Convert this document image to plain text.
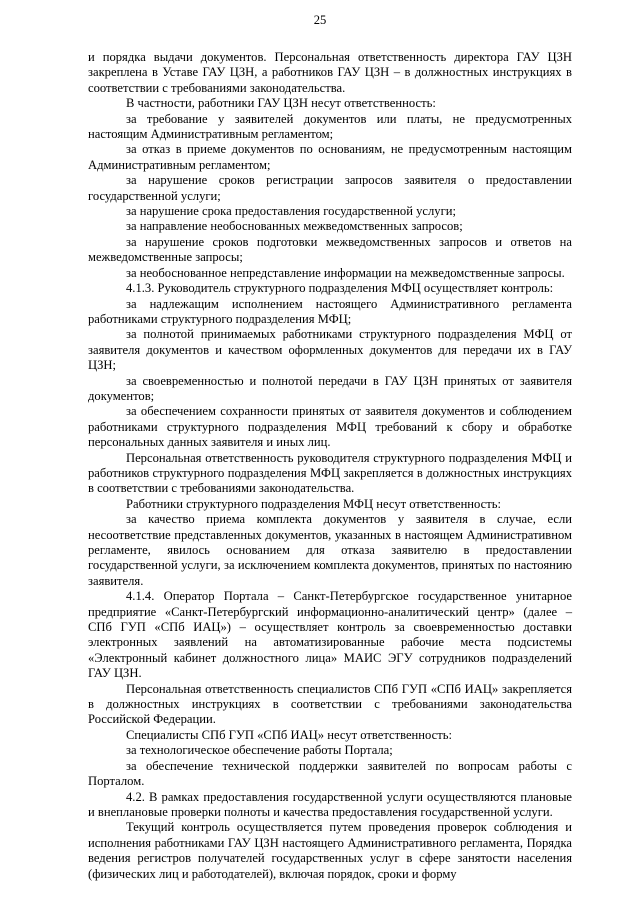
25

и порядка выдачи документов. Персональная ответственность директора ГАУ ЦЗН закреплена в Уставе ГАУ ЦЗН, а работников ГАУ ЦЗН – в должностных инструкциях в соответствии с требованиями законодательства.

В частности, работники ГАУ ЦЗН несут ответственность:

за требование у заявителей документов или платы, не предусмотренных настоящим Административным регламентом;

за отказ в приеме документов по основаниям, не предусмотренным настоящим Административным регламентом;

за нарушение сроков регистрации запросов заявителя о предоставлении государственной услуги;

за нарушение срока предоставления государственной услуги;

за направление необоснованных межведомственных запросов;

за нарушение сроков подготовки межведомственных запросов и ответов на межведомственные запросы;

за необоснованное непредставление информации на межведомственные запросы.

4.1.3. Руководитель структурного подразделения МФЦ осуществляет контроль:

за надлежащим исполнением настоящего Административного регламента работниками структурного подразделения МФЦ;

за полнотой принимаемых работниками структурного подразделения МФЦ от заявителя документов и качеством оформленных документов для передачи их в ГАУ ЦЗН;

за своевременностью и полнотой передачи в ГАУ ЦЗН принятых от заявителя документов;

за обеспечением сохранности принятых от заявителя документов и соблюдением работниками структурного подразделения МФЦ требований к сбору и обработке персональных данных заявителя и иных лиц.

Персональная ответственность руководителя структурного подразделения МФЦ и работников структурного подразделения МФЦ закрепляется в должностных инструкциях в соответствии с требованиями законодательства.

Работники структурного подразделения МФЦ несут ответственность:

за качество приема комплекта документов у заявителя в случае, если несоответствие представленных документов, указанных в настоящем Административном регламенте, явилось основанием для отказа заявителю в предоставлении государственной услуги, за исключением комплекта документов, принятых по настоянию заявителя.

4.1.4. Оператор Портала – Санкт-Петербургское государственное унитарное предприятие «Санкт-Петербургский информационно-аналитический центр» (далее – СПб ГУП «СПб ИАЦ») – осуществляет контроль за своевременностью доставки электронных заявлений на автоматизированные рабочие места подсистемы «Электронный кабинет должностного лица» МАИС ЭГУ сотрудников подразделений ГАУ ЦЗН.

Персональная ответственность специалистов СПб ГУП «СПб ИАЦ» закрепляется в должностных инструкциях в соответствии с требованиями законодательства Российской Федерации.

Специалисты СПб ГУП «СПб ИАЦ» несут ответственность:

за технологическое обеспечение работы Портала;

за обеспечение технической поддержки заявителей по вопросам работы с Порталом.

4.2. В рамках предоставления государственной услуги осуществляются плановые и внеплановые проверки полноты и качества предоставления государственной услуги.

Текущий контроль осуществляется путем проведения проверок соблюдения и исполнения работниками ГАУ ЦЗН настоящего Административного регламента, Порядка ведения регистров получателей государственных услуг в сфере занятости населения (физических лиц и работодателей), включая порядок, сроки и форму
